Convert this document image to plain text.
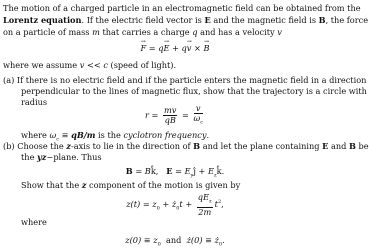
The motion of a charged particle in an electromagnetic field can be obtained from the
Lorentz equation. If the electric field vector is E and the magnetic field is B, the force
on a particle of mass m that carries a charge q and has a velocity v
→ F = q→ E + q→ v × → B
where we assume v << c (speed of light).
(a) If there is no electric field and if the particle enters the magnetic field in a direction
perpendicular to the lines of magnetic flux, show that the trajectory is a circle with
radius
$r = \frac{mv}{qB} = \frac{v}{\omega_c}$
where $\omega_c \equiv qB/m$ is the cyclotron frequency.
(b) Choose the z-axis to lie in the direction of B and let the plane containing E and B be
the yz−plane. Thus
B = Bk̂, $E = E_yĵ$ + $E_zk̂$.
Show that the z component of the motion is given by
$z(t) = z_0$ + $ż_0t + \frac{qE_z}{2m} t^2$,
where
$z(0) \equiv z_0$ and ż(0) ≡ $ż_0$.
